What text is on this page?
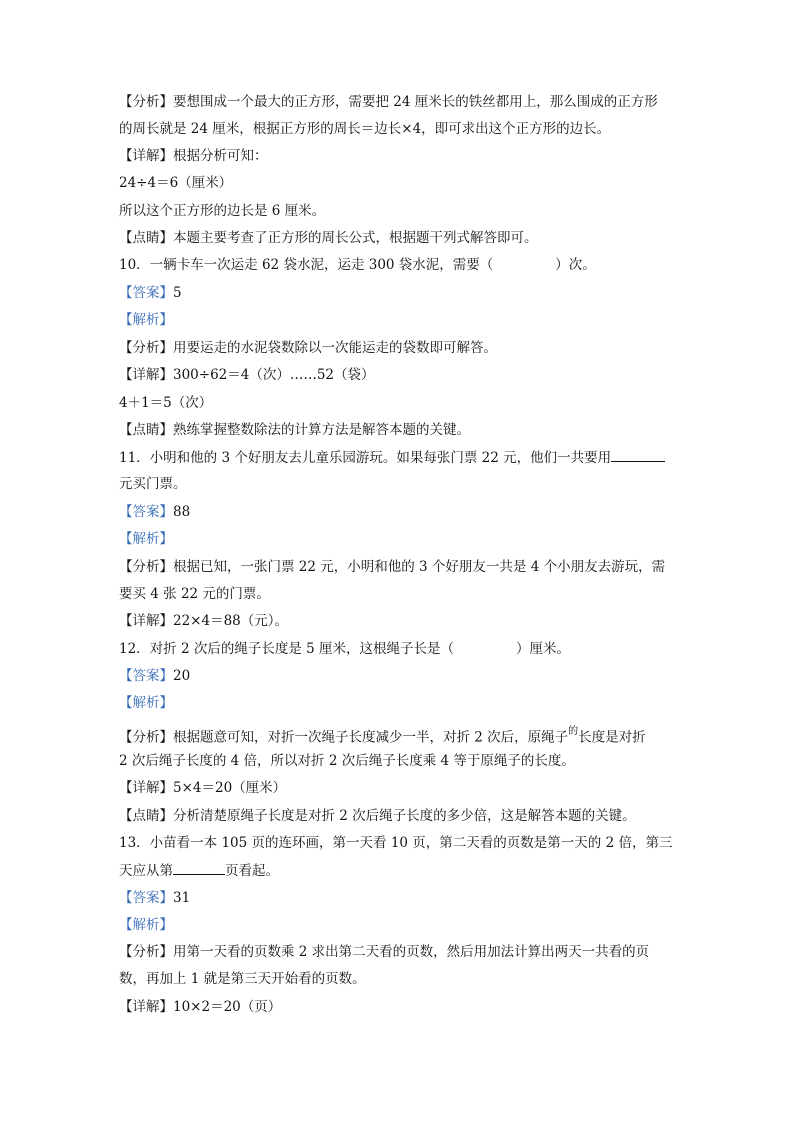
【分析】要想围成一个最大的正方形，需要把 24 厘米长的铁丝都用上，那么围成的正方形
的周长就是 24 厘米，根据正方形的周长＝边长×4，即可求出这个正方形的边长。
【详解】根据分析可知：
24÷4＝6（厘米）
所以这个正方形的边长是 6 厘米。
【点睛】本题主要考查了正方形的周长公式，根据题干列式解答即可。
10．一辆卡车一次运走 62 袋水泥，运走 300 袋水泥，需要（	）次。
【答案】5
【解析】
【分析】用要运走的水泥袋数除以一次能运走的袋数即可解答。
【详解】300÷62＝4（次）……52（袋）
4＋1＝5（次）
【点睛】熟练掌握整数除法的计算方法是解答本题的关键。
11．小明和他的 3 个好朋友去儿童乐园游玩。如果每张门票 22 元，他们一共要用
元买门票。
【答案】88
【解析】
【分析】根据已知，一张门票 22 元，小明和他的 3 个好朋友一共是 4 个小朋友去游玩，需
要买 4 张 22 元的门票。
【详解】22×4＝88（元）。
12．对折 2 次后的绳子长度是 5 厘米，这根绳子长是（	）厘米。
【答案】20
【解析】
【分析】根据题意可知，对折一次绳子长度减少一半，对折 2 次后，原绳子$^的$长度是对折
2 次后绳子长度的 4 倍，所以对折 2 次后绳子长度乘 4 等于原绳子的长度。
【详解】5×4＝20（厘米）
【点睛】分析清楚原绳子长度是对折 2 次后绳子长度的多少倍，这是解答本题的关键。
13．小苗看一本 105 页的连环画，第一天看 10 页，第二天看的页数是第一天的 2 倍，第三
天应从第	页看起。
【答案】31
【解析】
【分析】用第一天看的页数乘 2 求出第二天看的页数，然后用加法计算出两天一共看的页
数，再加上 1 就是第三天开始看的页数。
【详解】10×2＝20（页）
